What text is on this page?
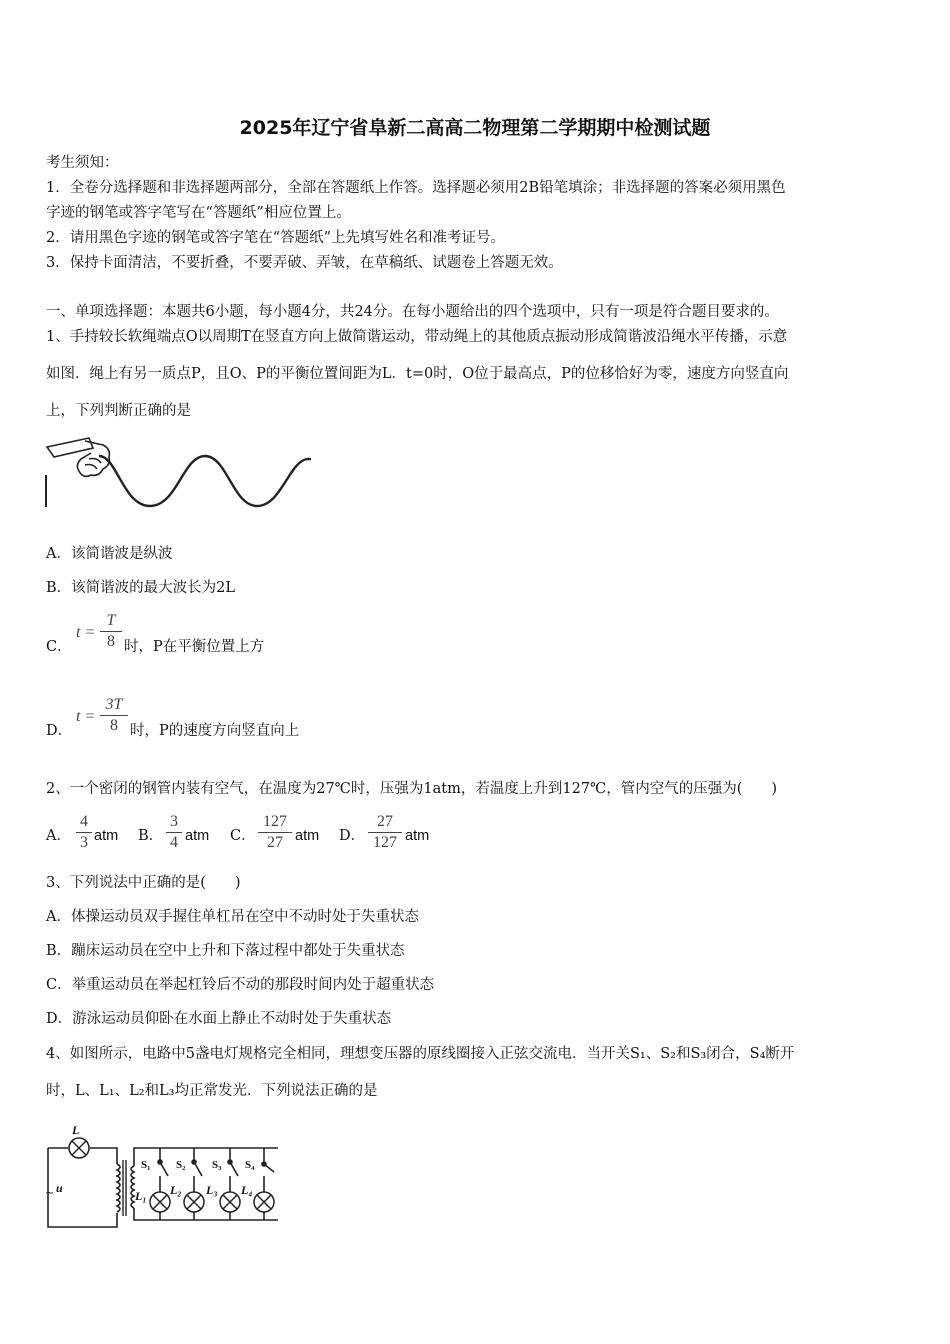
2025年辽宁省阜新二高高二物理第二学期期中检测试题
考生须知：
1．全卷分选择题和非选择题两部分，全部在答题纸上作答。选择题必须用2B铅笔填涂；非选择题的答案必须用黑色
字迹的钢笔或答字笔写在“答题纸”相应位置上。
2．请用黑色字迹的钢笔或答字笔在“答题纸”上先填写姓名和准考证号。
3．保持卡面清洁，不要折叠，不要弄破、弄皱，在草稿纸、试题卷上答题无效。
一、单项选择题：本题共6小题，每小题4分，共24分。在每小题给出的四个选项中，只有一项是符合题目要求的。
1、手持较长软绳端点O以周期T在竖直方向上做简谐运动，带动绳上的其他质点振动形成简谐波沿绳水平传播，示意
如图．绳上有另一质点P，且O、P的平衡位置间距为L．t=0时，O位于最高点，P的位移恰好为零，速度方向竖直向
上，下列判断正确的是
A．该简谐波是纵波
B．该简谐波的最大波长为2L
C．
t =
T
8 时，P在平衡位置上方
D．
t =
3T
8 时，P的速度方向竖直向上
2、一个密闭的钢管内装有空气，在温度为27℃时，压强为1atm，若温度上升到127℃，管内空气的压强为(　　)
A．
4
3 atm B．
3
4 atm C．
127
27 atm D．
27
127 atm
3、下列说法中正确的是(　　)
A．体操运动员双手握住单杠吊在空中不动时处于失重状态
B．蹦床运动员在空中上升和下落过程中都处于失重状态
C．举重运动员在举起杠铃后不动的那段时间内处于超重状态
D．游泳运动员仰卧在水面上静止不动时处于失重状态
4、如图所示，电路中5盏电灯规格完全相同，理想变压器的原线圈接入正弦交流电．当开关S₁、S₂和S₃闭合，S₄断开
时，L、L₁、L₂和L₃均正常发光．下列说法正确的是
L
u
L₁ L₂ L₃ L₄
S₁ S₂ S₃ S₄
~
